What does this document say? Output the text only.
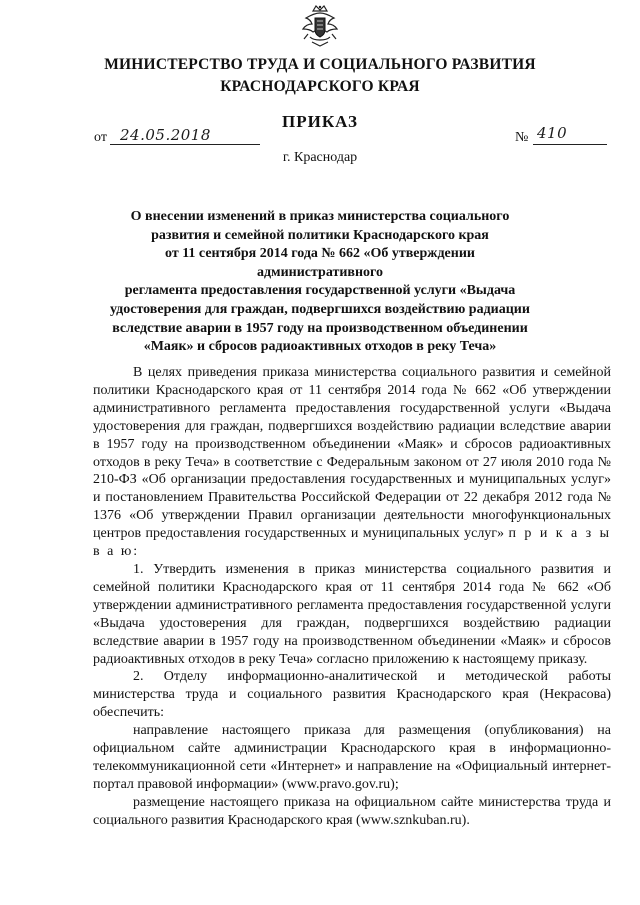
МИНИСТЕРСТВО ТРУДА И СОЦИАЛЬНОГО РАЗВИТИЯ
КРАСНОДАРСКОГО КРАЯ
ПРИКАЗ
от 24.05.2018	№ 410
г. Краснодар
О внесении изменений в приказ министерства социального
развития и семейной политики Краснодарского края
от 11 сентября 2014 года № 662 «Об утверждении административного
регламента предоставления государственной услуги «Выдача
удостоверения для граждан, подвергшихся воздействию радиации
вследствие аварии в 1957 году на производственном объединении
«Маяк» и сбросов радиоактивных отходов в реку Теча»

В целях приведения приказа министерства социального развития и семейной политики Краснодарского края от 11 сентября 2014 года № 662 «Об утверждении административного регламента предоставления государственной услуги «Выдача удостоверения для граждан, подвергшихся воздействию радиации вследствие аварии в 1957 году на производственном объединении «Маяк» и сбросов радиоактивных отходов в реку Теча» в соответствие с Федеральным законом от 27 июля 2010 года № 210-ФЗ «Об организации предоставления государственных и муниципальных услуг» и постановлением Правительства Российской Федерации от 22 декабря 2012 года № 1376 «Об утверждении Правил организации деятельности многофункциональных центров предоставления государственных и муниципальных услуг» п р и к а з ы в а ю:

1. Утвердить изменения в приказ министерства социального развития и семейной политики Краснодарского края от 11 сентября 2014 года № 662 «Об утверждении административного регламента предоставления государственной услуги «Выдача удостоверения для граждан, подвергшихся воздействию радиации вследствие аварии в 1957 году на производственном объединении «Маяк» и сбросов радиоактивных отходов в реку Теча» согласно приложению к настоящему приказу.

2. Отделу информационно-аналитической и методической работы министерства труда и социального развития Краснодарского края (Некрасова) обеспечить:

направление настоящего приказа для размещения (опубликования) на официальном сайте администрации Краснодарского края в информационно-телекоммуникационной сети «Интернет» и направление на «Официальный интернет-портал правовой информации» (www.pravo.gov.ru);

размещение настоящего приказа на официальном сайте министерства труда и социального развития Краснодарского края (www.sznkuban.ru).
